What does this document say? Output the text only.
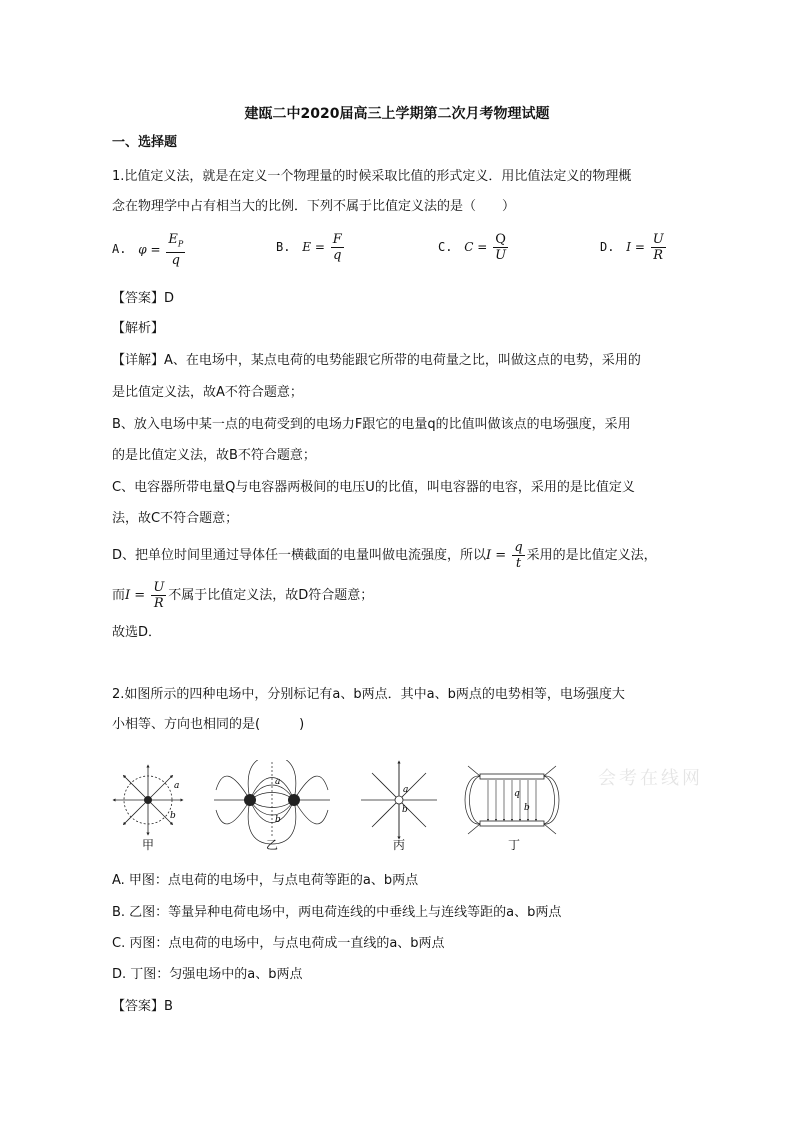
建瓯二中2020届高三上学期第二次月考物理试题
一、选择题
1.比值定义法，就是在定义一个物理量的时候采取比值的形式定义．用比值法定义的物理概
念在物理学中占有相当大的比例．下列不属于比值定义法的是（　　）
A. $\varphi = \frac{E_P}{q}$	B. $E = \frac{F}{q}$	C. $C = \frac{Q}{U}$	D. $I = \frac{U}{R}$
【答案】D
【解析】
【详解】A、在电场中，某点电荷的电势能跟它所带的电荷量之比，叫做这点的电势，采用的
是比值定义法，故A不符合题意；
B、放入电场中某一点的电荷受到的电场力F跟它的电量q的比值叫做该点的电场强度，采用
的是比值定义法，故B不符合题意；
C、电容器所带电量Q与电容器两极间的电压U的比值，叫电容器的电容，采用的是比值定义
法，故C不符合题意；
D、把单位时间里通过导体任一横截面的电量叫做电流强度，所以$I = \frac{q}{t}$ 采用的是比值定义法，
而$I = \frac{U}{R}$ 不属于比值定义法，故D符合题意；
故选D．
2.如图所示的四种电场中，分别标记有a、b两点．其中a、b两点的电势相等，电场强度大
小相等、方向也相同的是(　　　)
a
b
a
b
a
b
q
b
会考在线网
甲	乙	丙	丁
A. 甲图：点电荷的电场中，与点电荷等距的a、b两点
B. 乙图：等量异种电荷电场中，两电荷连线的中垂线上与连线等距的a、b两点
C. 丙图：点电荷的电场中，与点电荷成一直线的a、b两点
D. 丁图：匀强电场中的a、b两点
【答案】B
